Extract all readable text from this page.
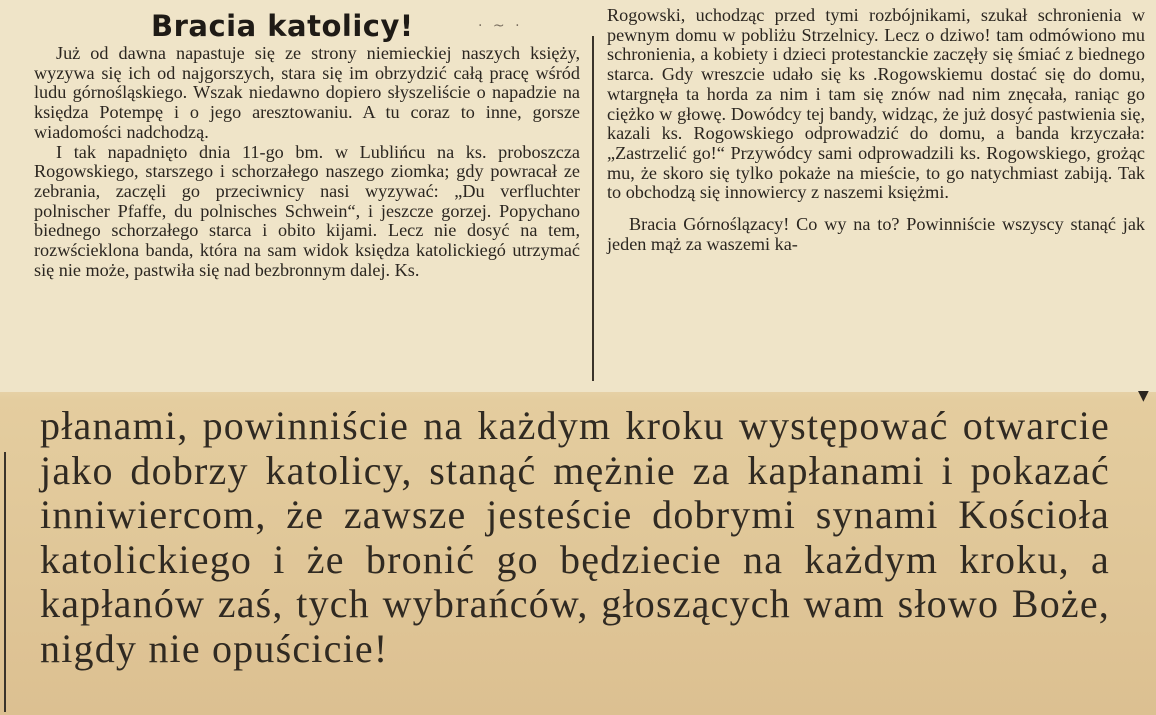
· ~ ·
Bracia katolicy!

Już od dawna napastuje się ze strony niemieckiej naszych księży, wyzywa się ich od najgorszych, stara się im obrzydzić całą pracę wśród ludu górnośląskiego. Wszak niedawno dopiero słyszeliście o napadzie na księdza Potempę i o jego aresztowaniu. A tu coraz to inne, gorsze wiadomości nadchodzą.

I tak napadnięto dnia 11-go bm. w Lublińcu na ks. proboszcza Rogowskiego, starszego i schorzałego naszego ziomka; gdy powracał ze zebrania, zaczęli go przeciwnicy nasi wyzywać: „Du verfluchter polnischer Pfaffe, du polnisches Schwein“, i jeszcze gorzej. Popychano biednego schorzałego starca i obito kijami. Lecz nie dosyć na tem, rozwścieklona banda, która na sam widok księdza katolickiegó utrzymać się nie może, pastwiła się nad bezbronnym dalej. Ks.

Rogowski, uchodząc przed tymi rozbójnikami, szukał schronienia w pewnym domu w pobliżu Strzelnicy. Lecz o dziwo! tam odmówiono mu schronienia, a kobiety i dzieci protestanckie zaczęły się śmiać z biednego starca. Gdy wreszcie udało się ks .Rogowskiemu dostać się do domu, wtargnęła ta horda za nim i tam się znów nad nim znęcała, raniąc go ciężko w głowę. Dowódcy tej bandy, widząc, że już dosyć pastwienia się, kazali ks. Rogowskiego odprowadzić do domu, a banda krzyczała: „Zastrzelić go!“ Przywódcy sami odprowadzili ks. Rogowskiego, grożąc mu, że skoro się tylko pokaże na mieście, to go natychmiast zabiją. Tak to obchodzą się innowiercy z naszemi księżmi.

Bracia Górnoślązacy! Co wy na to? Powinniście wszyscy stanąć jak jeden mąż za waszemi ka-

▼
płanami, powinniście na każdym kroku występować otwarcie jako dobrzy katolicy, stanąć mężnie za kapłanami i pokazać inniwiercom, że zawsze jesteście dobrymi synami Kościoła katolickiego i że bronić go będziecie na każdym kroku, a kapłanów zaś, tych wybrańców, głoszących wam słowo Boże, nigdy nie opuścicie!
